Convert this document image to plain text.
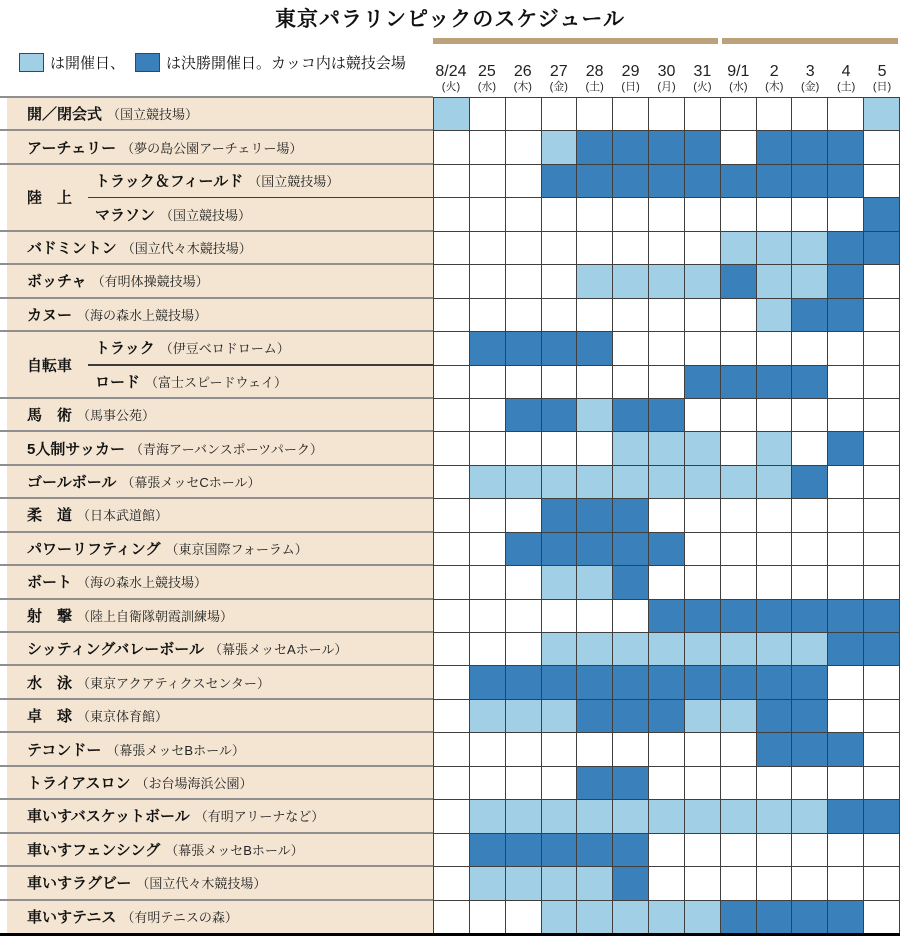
東京パラリンピックのスケジュール
は開催日、	は決勝開催日。カッコ内は競技会場 8/24
(火)
25
(水)
26
(木)
27
(金)
28
(土)
29
(日)
30
(月)
31
(火)
9/1
(水)
2
(木)
3
(金)
4
(土)
5
(日)
開／閉会式 （国立競技場）
アーチェリー （夢の島公園アーチェリー場）
陸　上
トラック＆フィールド （国立競技場）
マラソン （国立競技場）
バドミントン （国立代々木競技場）
ボッチャ （有明体操競技場）
カヌー （海の森水上競技場）
自転車
トラック （伊豆ベロドローム）
ロード （富士スピードウェイ）
馬　術 （馬事公苑）
5人制サッカー （青海アーバンスポーツパーク）
ゴールボール （幕張メッセCホール）
柔　道 （日本武道館）
パワーリフティング （東京国際フォーラム）
ボート （海の森水上競技場）
射　撃 （陸上自衛隊朝霞訓練場）
シッティングバレーボール （幕張メッセAホール）
水　泳 （東京アクアティクスセンター）
卓　球 （東京体育館）
テコンドー （幕張メッセBホール）
トライアスロン （お台場海浜公園）
車いすバスケットボール （有明アリーナなど）
車いすフェンシング （幕張メッセBホール）
車いすラグビー （国立代々木競技場）
車いすテニス （有明テニスの森）
